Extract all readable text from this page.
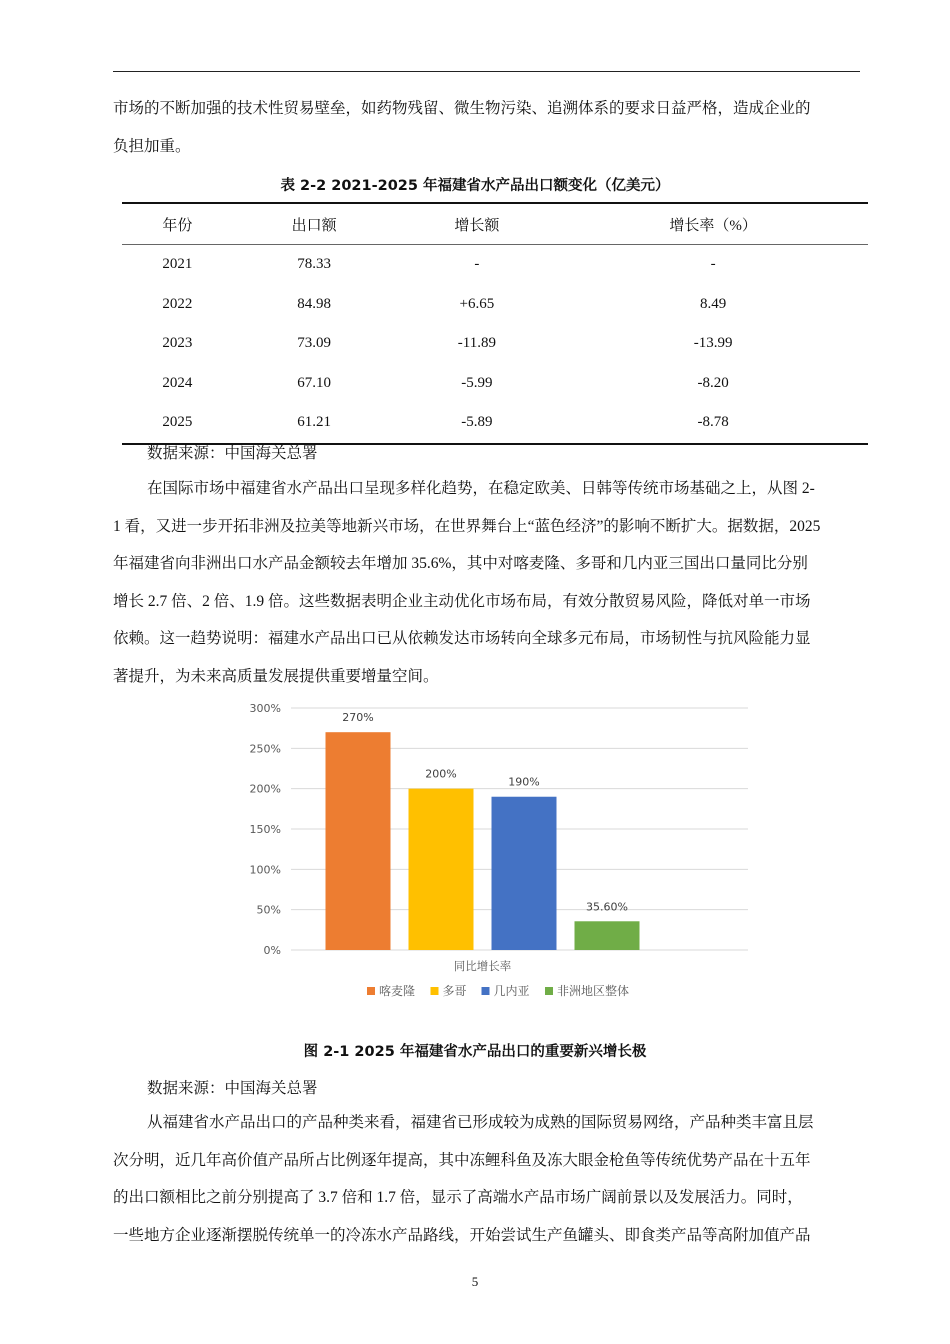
市场的不断加强的技术性贸易壁垒，如药物残留、微生物污染、追溯体系的要求日益严格，造成企业的
负担加重。

表 2-2 2021-2025 年福建省水产品出口额变化（亿美元）
年份	出口额	增长额	增长率（%）
2021	78.33	-	-
2022	84.98	+6.65	8.49
2023	73.09	-11.89	-13.99
2024	67.10	-5.99	-8.20
2025	61.21	-5.89	-8.78
数据来源：中国海关总署

在国际市场中福建省水产品出口呈现多样化趋势，在稳定欧美、日韩等传统市场基础之上，从图 2-
1 看，又进一步开拓非洲及拉美等地新兴市场，在世界舞台上“蓝色经济”的影响不断扩大。据数据，2025
年福建省向非洲出口水产品金额较去年增加 35.6%，其中对喀麦隆、多哥和几内亚三国出口量同比分别
增长 2.7 倍、2 倍、1.9 倍。这些数据表明企业主动优化市场布局，有效分散贸易风险，降低对单一市场
依赖。这一趋势说明：福建水产品出口已从依赖发达市场转向全球多元布局，市场韧性与抗风险能力显
著提升，为未来高质量发展提供重要增量空间。

0%
50%
100%
150%
200%
250%
300%
270%
200%
190%
35.60%
同比增长率
喀麦隆 多哥 几内亚 非洲地区整体
图 2-1 2025 年福建省水产品出口的重要新兴增长极
数据来源：中国海关总署

从福建省水产品出口的产品种类来看，福建省已形成较为成熟的国际贸易网络，产品种类丰富且层
次分明，近几年高价值产品所占比例逐年提高，其中冻鲤科鱼及冻大眼金枪鱼等传统优势产品在十五年
的出口额相比之前分别提高了 3.7 倍和 1.7 倍，显示了高端水产品市场广阔前景以及发展活力。同时，
一些地方企业逐渐摆脱传统单一的冷冻水产品路线，开始尝试生产鱼罐头、即食类产品等高附加值产品

5
